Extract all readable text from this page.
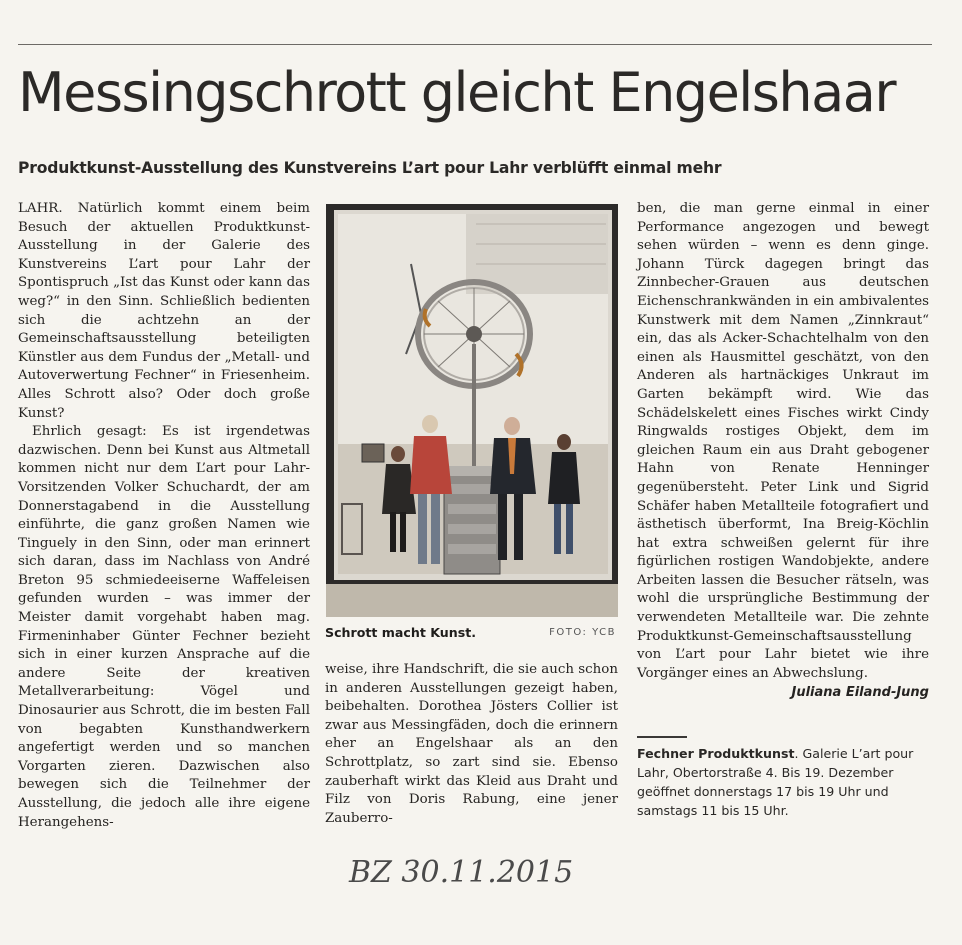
Messingschrott gleicht Engelshaar
Produktkunst-Ausstellung des Kunstvereins L’art pour Lahr verblüfft einmal mehr

LAHR. Natürlich kommt einem beim Besuch der aktuellen Produktkunst-Ausstellung in der Galerie des Kunstvereins L’art pour Lahr der Spontispruch „Ist das Kunst oder kann das weg?“ in den Sinn. Schließlich bedienten sich die achtzehn an der Gemeinschaftsausstellung beteiligten Künstler aus dem Fundus der „Metall- und Autoverwertung Fechner“ in Friesenheim. Alles Schrott also? Oder doch große Kunst?

Ehrlich gesagt: Es ist irgendetwas dazwischen. Denn bei Kunst aus Altmetall kommen nicht nur dem L’art pour Lahr-Vorsitzenden Volker Schuchardt, der am Donnerstagabend in die Ausstellung einführte, die ganz großen Namen wie Tinguely in den Sinn, oder man erinnert sich daran, dass im Nachlass von André Breton 95 schmiedeeiserne Waffeleisen gefunden wurden – was immer der Meister damit vorgehabt haben mag. Firmeninhaber Günter Fechner bezieht sich in einer kurzen Ansprache auf die andere Seite der kreativen Metallverarbeitung: Vögel und Dinosaurier aus Schrott, die im besten Fall von begabten Kunsthandwerkern angefertigt werden und so manchen Vorgarten zieren. Dazwischen also bewegen sich die Teilnehmer der Ausstellung, die jedoch alle ihre eigene Herangehens-

Schrott macht Kunst.	FOTO: YCB

weise, ihre Handschrift, die sie auch schon in anderen Ausstellungen gezeigt haben, beibehalten. Dorothea Jösters Collier ist zwar aus Messingfäden, doch die erinnern eher an Engelshaar als an den Schrottplatz, so zart sind sie. Ebenso zauberhaft wirkt das Kleid aus Draht und Filz von Doris Rabung, eine jener Zauberro-

ben, die man gerne einmal in einer Performance angezogen und bewegt sehen würden – wenn es denn ginge. Johann Türck dagegen bringt das Zinnbecher-Grauen aus deutschen Eichenschrankwänden in ein ambivalentes Kunstwerk mit dem Namen „Zinnkraut“ ein, das als Acker-Schachtelhalm von den einen als Hausmittel geschätzt, von den Anderen als hartnäckiges Unkraut im Garten bekämpft wird. Wie das Schädelskelett eines Fisches wirkt Cindy Ringwalds rostiges Objekt, dem im gleichen Raum ein aus Draht gebogener Hahn von Renate Henninger gegenübersteht. Peter Link und Sigrid Schäfer haben Metallteile fotografiert und ästhetisch überformt, Ina Breig-Köchlin hat extra schweißen gelernt für ihre figürlichen rostigen Wandobjekte, andere Arbeiten lassen die Besucher rätseln, was wohl die ursprüngliche Bestimmung der verwendeten Metallteile war. Die zehnte Produktkunst-Gemeinschaftsausstellung von L’art pour Lahr bietet wie ihre Vorgänger eines an Abwechslung.

Juliana Eiland-Jung
Fechner Produktkunst. Galerie L’art pour Lahr, Obertorstraße 4. Bis 19. Dezember geöffnet donnerstags 17 bis 19 Uhr und samstags 11 bis 15 Uhr.
BZ 30.11.2015
